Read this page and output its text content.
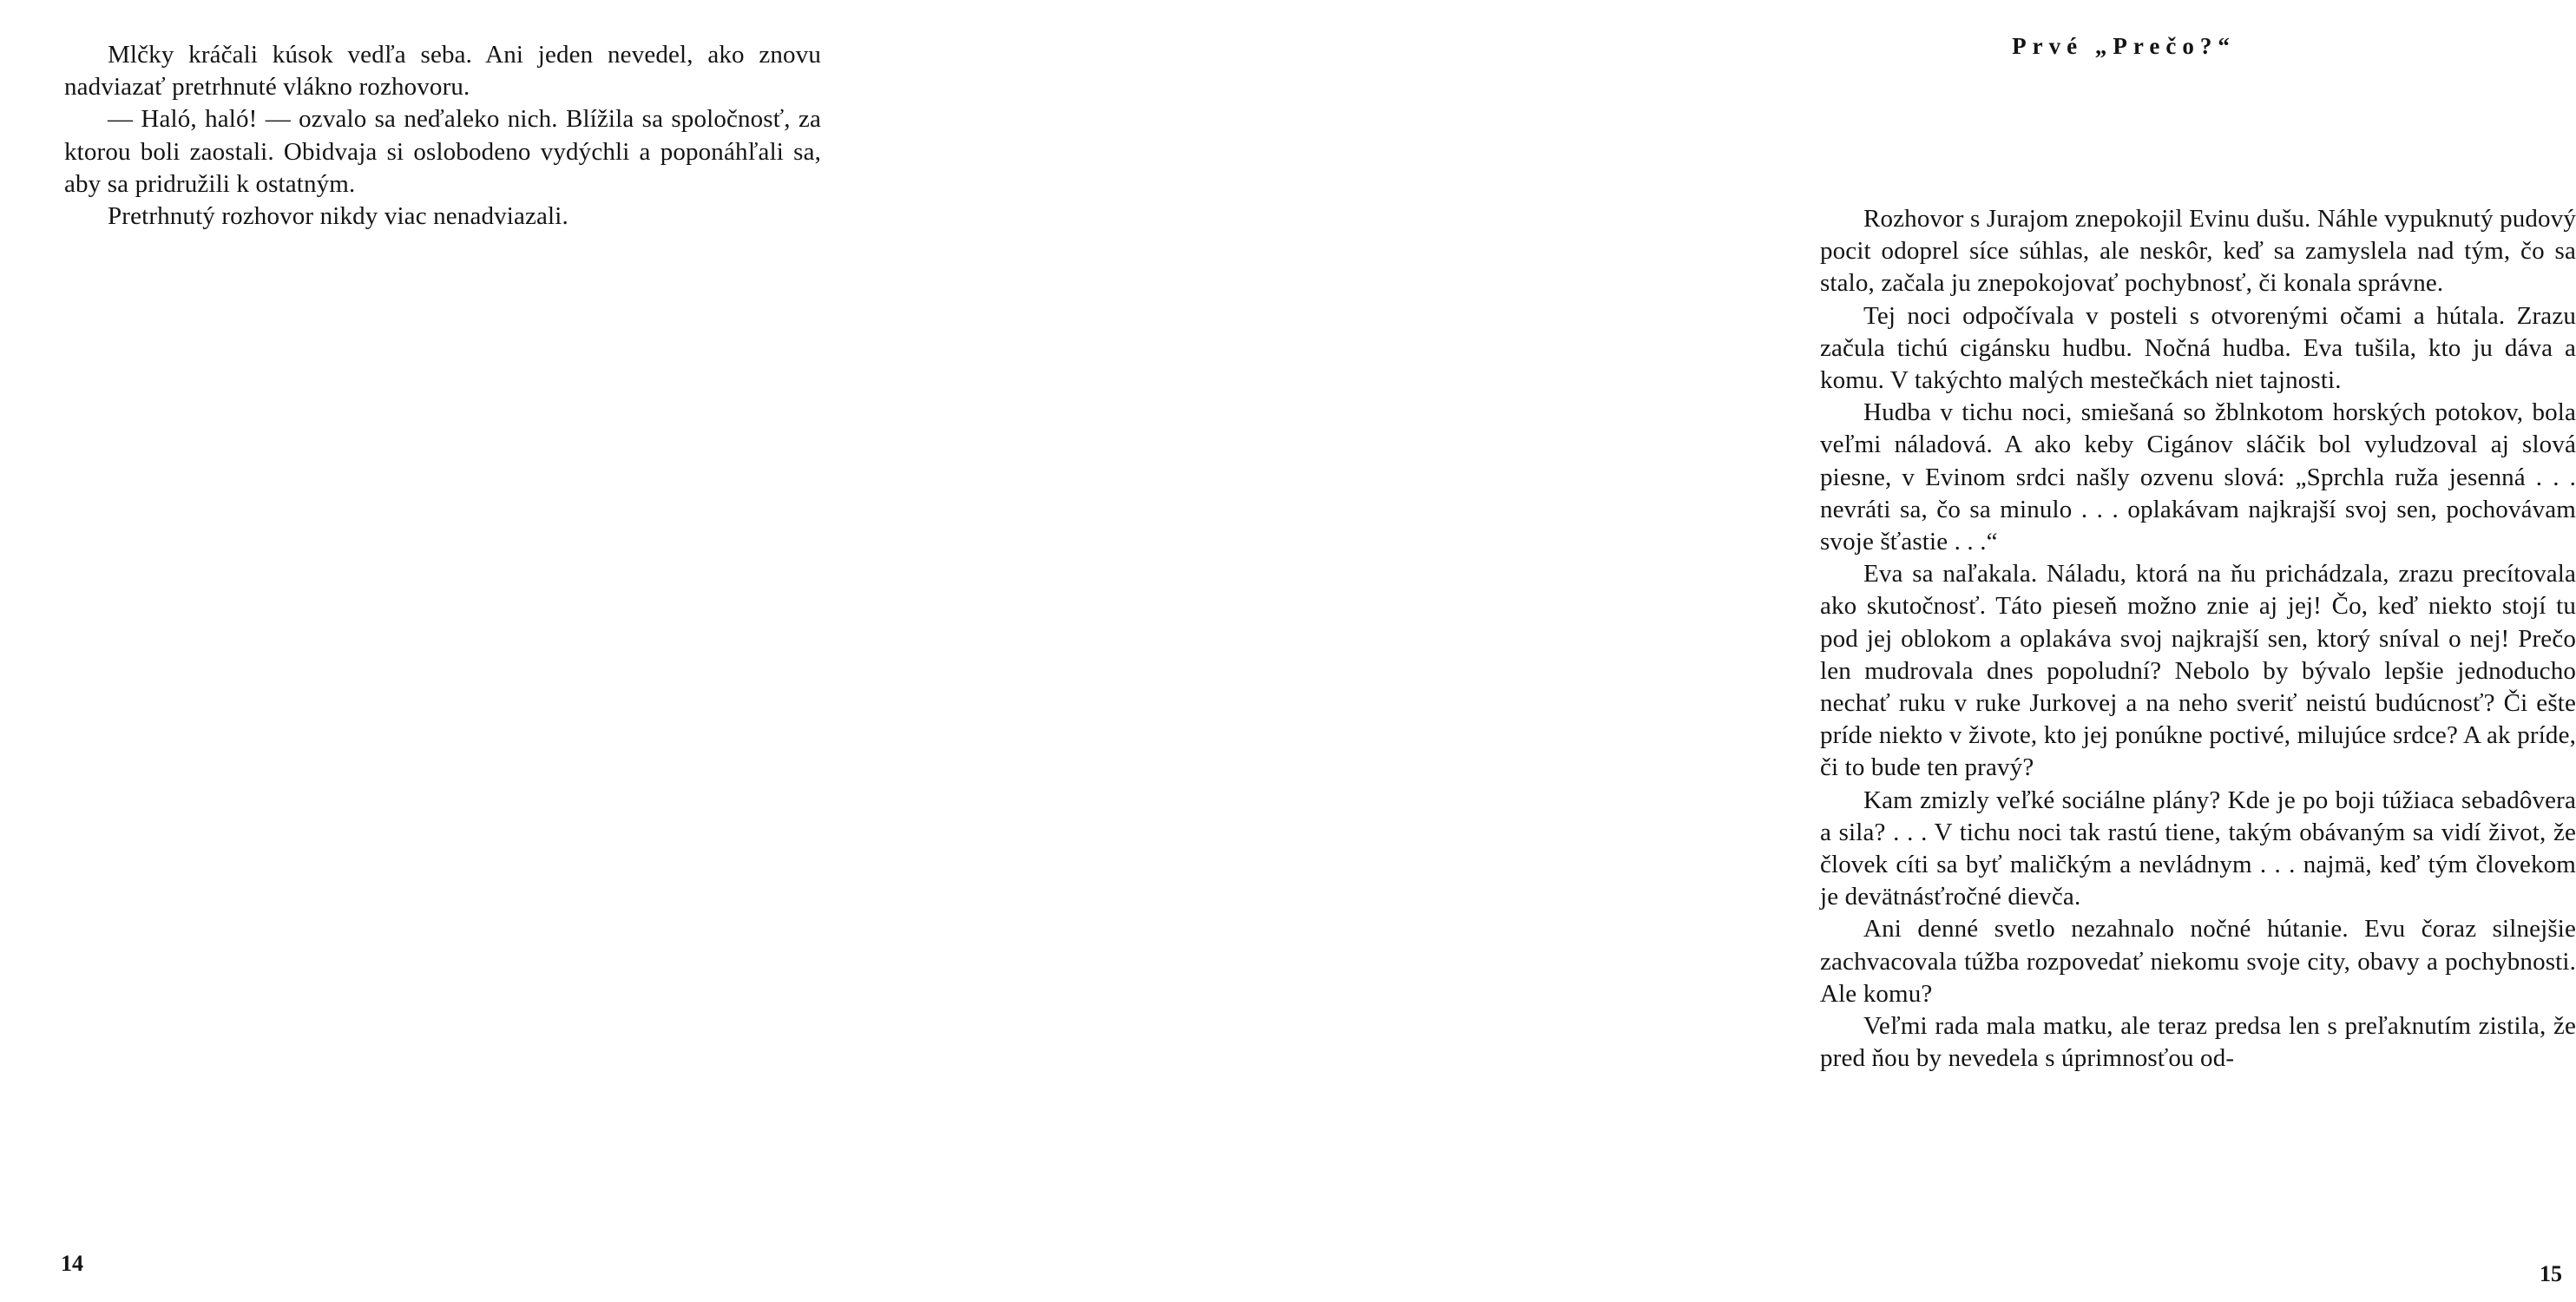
Mlčky kráčali kúsok vedľa seba. Ani jeden nevedel, ako znovu nadviazať pretrhnuté vlákno rozhovoru.

— Haló, haló! — ozvalo sa neďaleko nich. Blížila sa spoločnosť, za ktorou boli zaostali. Obidvaja si oslobodeno vydýchli a poponáhľali sa, aby sa pridružili k ostatným.

Pretrhnutý rozhovor nikdy viac nenadviazali.

14
Prvé „Prečo?“

Rozhovor s Jurajom znepokojil Evinu dušu. Náhle vypuknutý pudový pocit odoprel síce súhlas, ale neskôr, keď sa zamyslela nad tým, čo sa stalo, začala ju znepokojovať pochybnosť, či konala správne.

Tej noci odpočívala v posteli s otvorenými očami a hútala. Zrazu začula tichú cigánsku hudbu. Nočná hudba. Eva tušila, kto ju dáva a komu. V takýchto malých mestečkách niet tajnosti.

Hudba v tichu noci, smiešaná so žblnkotom horských potokov, bola veľmi náladová. A ako keby Cigánov sláčik bol vyludzoval aj slová piesne, v Evinom srdci našly ozvenu slová: „Sprchla ruža jesenná . . . nevráti sa, čo sa minulo . . . oplakávam najkrajší svoj sen, pochovávam svoje šťastie . . .“

Eva sa naľakala. Náladu, ktorá na ňu prichádzala, zrazu precítovala ako skutočnosť. Táto pieseň možno znie aj jej! Čo, keď niekto stojí tu pod jej oblokom a oplakáva svoj najkrajší sen, ktorý sníval o nej! Prečo len mudrovala dnes popoludní? Nebolo by bývalo lepšie jednoducho nechať ruku v ruke Jurkovej a na neho sveriť neistú budúcnosť? Či ešte príde niekto v živote, kto jej ponúkne poctivé, milujúce srdce? A ak príde, či to bude ten pravý?

Kam zmizly veľké sociálne plány? Kde je po boji túžiaca sebadôvera a sila? . . . V tichu noci tak rastú tiene, takým obávaným sa vidí život, že človek cíti sa byť maličkým a nevládnym . . . najmä, keď tým človekom je devätnásťročné dievča.

Ani denné svetlo nezahnalo nočné hútanie. Evu čoraz silnejšie zachvacovala túžba rozpovedať niekomu svoje city, obavy a pochybnosti. Ale komu?

Veľmi rada mala matku, ale teraz predsa len s preľaknutím zistila, že pred ňou by nevedela s úprimnosťou od-

15
